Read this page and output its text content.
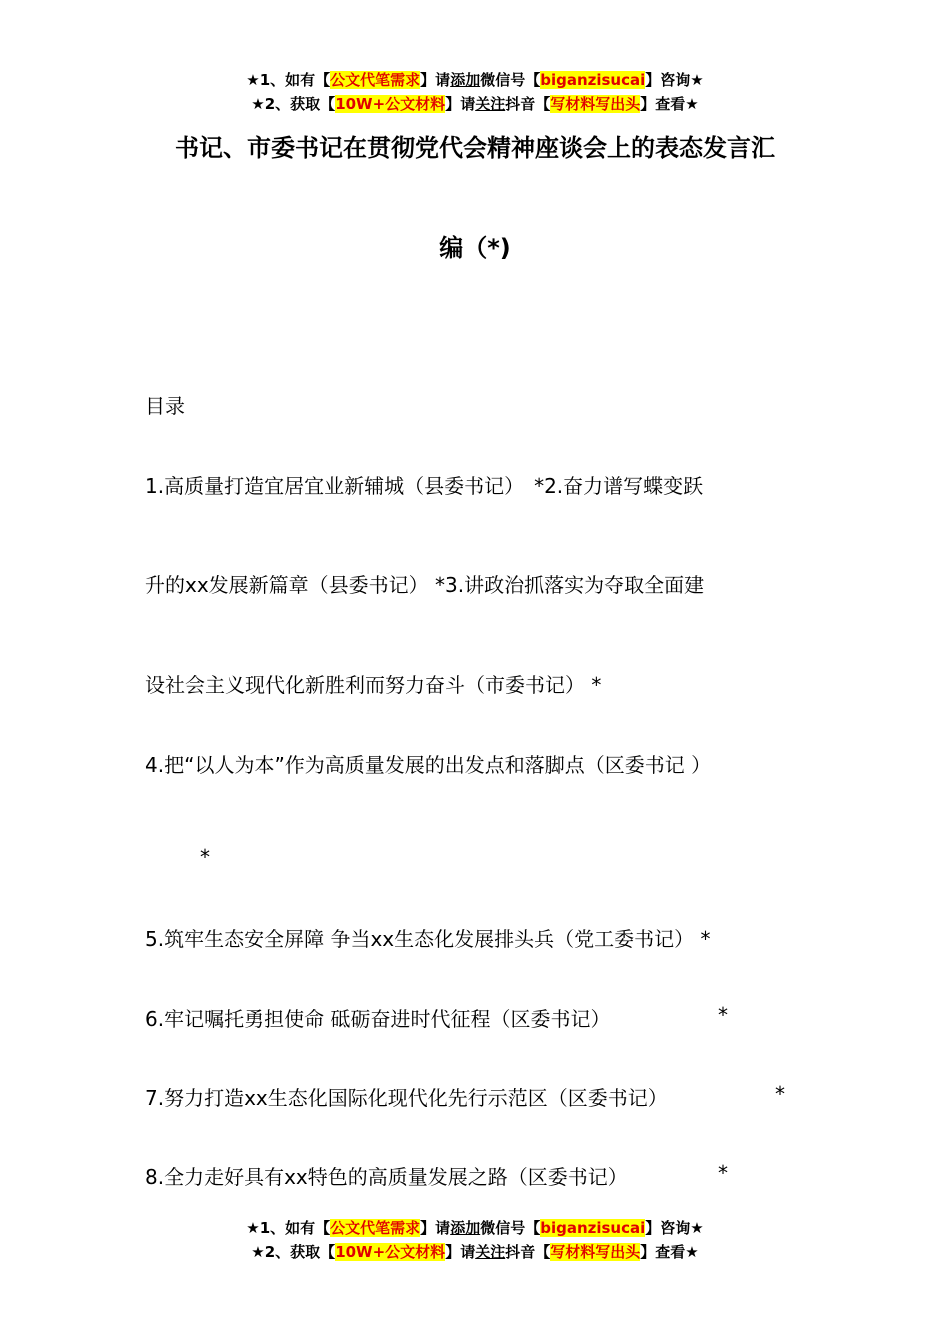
★1、如有【公文代笔需求】请添加微信号【biganzisucai】咨询★
★2、获取【10W+公文材料】请关注抖音【写材料写出头】查看★
书记、市委书记在贯彻党代会精神座谈会上的表态发言汇
编（*)
目录
1.高质量打造宜居宜业新辅城（县委书记）　*2.奋力谱写蝶变跃
升的xx发展新篇章（县委书记） *3.讲政治抓落实为夺取全面建
设社会主义现代化新胜利而努力奋斗（市委书记） *
4.把“以人为本”作为高质量发展的出发点和落脚点（区委书记 ）
*
5.筑牢生态安全屏障 争当xx生态化发展排头兵（党工委书记） *
6.牢记嘱托勇担使命 砥砺奋进时代征程（区委书记）	*
7.努力打造xx生态化国际化现代化先行示范区（区委书记）	*
8.全力走好具有xx特色的高质量发展之路（区委书记）	*
★1、如有【公文代笔需求】请添加微信号【biganzisucai】咨询★
★2、获取【10W+公文材料】请关注抖音【写材料写出头】查看★
